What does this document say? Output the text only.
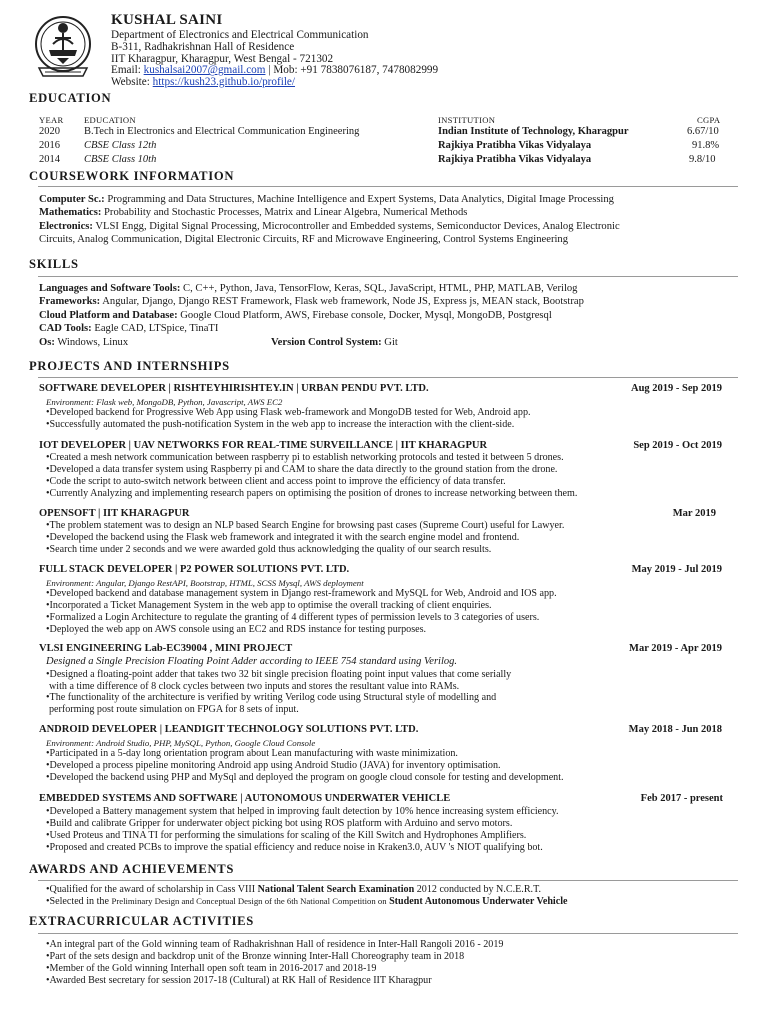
KUSHAL SAINI
Department of Electronics and Electrical Communication
B-311, Radhakrishnan Hall of Residence
IIT Kharagpur, Kharagpur, West Bengal - 721302
Email: kushalsai2007@gmail.com | Mob: +91 7838076187, 7478082999
Website: https://kush23.github.io/profile/
EDUCATION
YEAR EDUCATION	INSTITUTION	CGPA
2020 B.Tech in Electronics and Electrical Communication Engineering	Indian Institute of Technology, Kharagpur	6.67/10
2016 CBSE Class 12th	Rajkiya Pratibha Vikas Vidyalaya	91.8%
2014 CBSE Class 10th	Rajkiya Pratibha Vikas Vidyalaya	9.8/10
COURSEWORK INFORMATION
Computer Sc.: Programming and Data Structures, Machine Intelligence and Expert Systems, Data Analytics, Digital Image Processing
Mathematics: Probability and Stochastic Processes, Matrix and Linear Algebra, Numerical Methods
Electronics: VLSI Engg, Digital Signal Processing, Microcontroller and Embedded systems, Semiconductor Devices, Analog Electronic
Circuits, Analog Communication, Digital Electronic Circuits, RF and Microwave Engineering, Control Systems Engineering
SKILLS
Languages and Software Tools: C, C++, Python, Java, TensorFlow, Keras, SQL, JavaScript, HTML, PHP, MATLAB, Verilog
Frameworks: Angular, Django, Django REST Framework, Flask web framework, Node JS, Express js, MEAN stack, Bootstrap
Cloud Platform and Database: Google Cloud Platform, AWS, Firebase console, Docker, Mysql, MongoDB, Postgresql
CAD Tools: Eagle CAD, LTSpice, TinaTI
Os: Windows, Linux	Version Control System: Git
PROJECTS AND INTERNSHIPS
SOFTWARE DEVELOPER | RISHTEYHIRISHTEY.IN | URBAN PENDU PVT. LTD.	Aug 2019 - Sep 2019
Environment: Flask web, MongoDB, Python, Javascript, AWS EC2
•Developed backend for Progressive Web App using Flask web-framework and MongoDB tested for Web, Android app.
•Successfully automated the push-notification System in the web app to increase the interaction with the client-side.
IOT DEVELOPER | UAV NETWORKS FOR REAL-TIME SURVEILLANCE | IIT KHARAGPUR	Sep 2019 - Oct 2019
•Created a mesh network communication between raspberry pi to establish networking protocols and tested it between 5 drones.
•Developed a data transfer system using Raspberry pi and CAM to share the data directly to the ground station from the drone.
•Code the script to auto-switch network between client and access point to improve the efficiency of data transfer.
•Currently Analyzing and implementing research papers on optimising the position of drones to increase networking between them.
OPENSOFT | IIT KHARAGPUR	Mar 2019
•The problem statement was to design an NLP based Search Engine for browsing past cases (Supreme Court) useful for Lawyer.
•Developed the backend using the Flask web framework and integrated it with the search engine model and frontend.
•Search time under 2 seconds and we were awarded gold thus acknowledging the quality of our search results.
FULL STACK DEVELOPER | P2 POWER SOLUTIONS PVT. LTD.	May 2019 - Jul 2019
Environment: Angular, Django RestAPI, Bootstrap, HTML, SCSS Mysql, AWS deployment
•Developed backend and database management system in Django rest-framework and MySQL for Web, Android and IOS app.
•Incorporated a Ticket Management System in the web app to optimise the overall tracking of client enquiries.
•Formalized a Login Architecture to regulate the granting of 4 different types of permission levels to 3 categories of users.
•Deployed the web app on AWS console using an EC2 and RDS instance for testing purposes.
VLSI ENGINEERING Lab-EC39004 , MINI PROJECT	Mar 2019 - Apr 2019
Designed a Single Precision Floating Point Adder according to IEEE 754 standard using Verilog.
•Designed a floating-point adder that takes two 32 bit single precision floating point input values that come serially
with a time difference of 8 clock cycles between two inputs and stores the resultant value into RAMs.
•The functionality of the architecture is verified by writing Verilog code using Structural style of modelling and
performing post route simulation on FPGA for 8 sets of input.
ANDROID DEVELOPER | LEANDIGIT TECHNOLOGY SOLUTIONS PVT. LTD.	May 2018 - Jun 2018
Environment: Android Studio, PHP, MySQL, Python, Google Cloud Console
•Participated in a 5-day long orientation program about Lean manufacturing with waste minimization.
•Developed a process pipeline monitoring Android app using Android Studio (JAVA) for inventory optimisation.
•Developed the backend using PHP and MySql and deployed the program on google cloud console for testing and development.
EMBEDDED SYSTEMS AND SOFTWARE | AUTONOMOUS UNDERWATER VEHICLE	Feb 2017 - present
•Developed a Battery management system that helped in improving fault detection by 10% hence increasing system efficiency.
•Build and calibrate Gripper for underwater object picking bot using ROS platform with Arduino and servo motors.
•Used Proteus and TINA TI for performing the simulations for scaling of the Kill Switch and Hydrophones Amplifiers.
•Proposed and created PCBs to improve the spatial efficiency and reduce noise in Kraken3.0, AUV 's NIOT qualifying bot.
AWARDS AND ACHIEVEMENTS
•Qualified for the award of scholarship in Cass VIII National Talent Search Examination 2012 conducted by N.C.E.R.T.
•Selected in the Preliminary Design and Conceptual Design of the 6th National Competition on Student Autonomous Underwater Vehicle
EXTRACURRICULAR ACTIVITIES
•An integral part of the Gold winning team of Radhakrishnan Hall of residence in Inter-Hall Rangoli 2016 - 2019
•Part of the sets design and backdrop unit of the Bronze winning Inter-Hall Choreography team in 2018
•Member of the Gold winning Interhall open soft team in 2016-2017 and 2018-19
•Awarded Best secretary for session 2017-18 (Cultural) at RK Hall of Residence IIT Kharagpur
